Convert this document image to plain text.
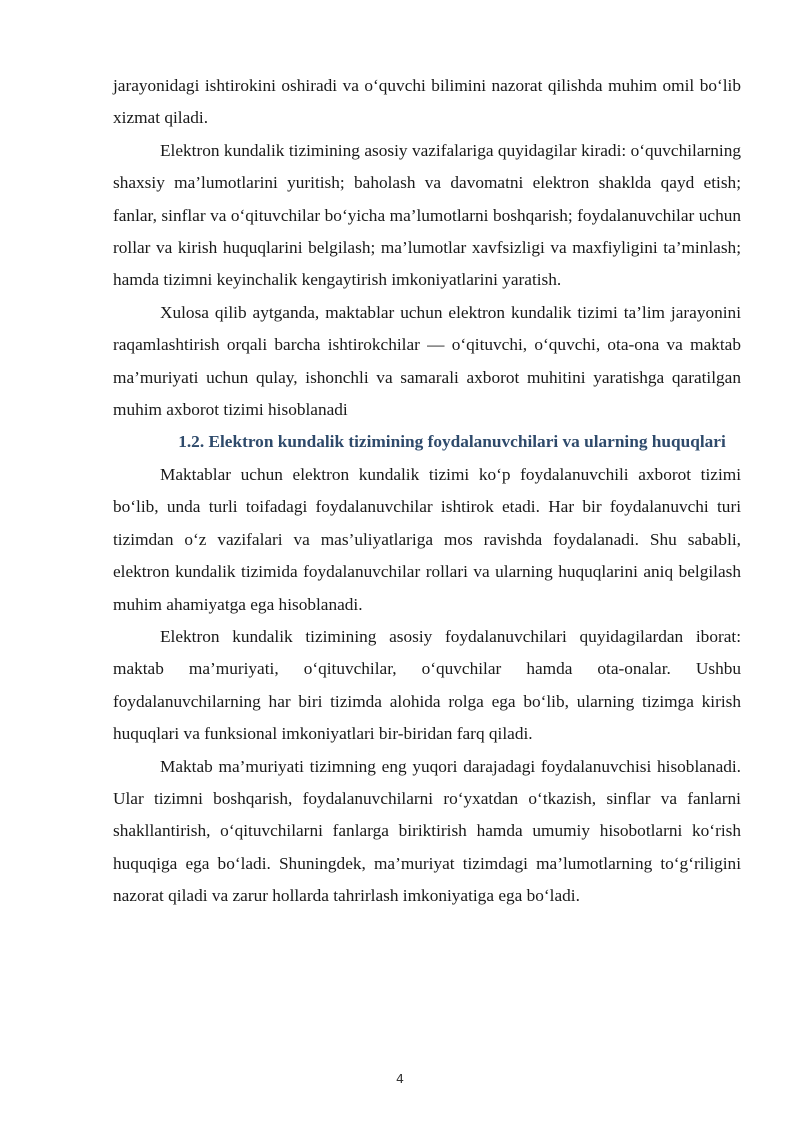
jarayonidagi ishtirokini oshiradi va o‘quvchi bilimini nazorat qilishda muhim omil bo‘lib xizmat qiladi.

Elektron kundalik tizimining asosiy vazifalariga quyidagilar kiradi: o‘quvchilarning shaxsiy ma’lumotlarini yuritish; baholash va davomatni elektron shaklda qayd etish; fanlar, sinflar va o‘qituvchilar bo‘yicha ma’lumotlarni boshqarish; foydalanuvchilar uchun rollar va kirish huquqlarini belgilash; ma’lumotlar xavfsizligi va maxfiyligini ta’minlash; hamda tizimni keyinchalik kengaytirish imkoniyatlarini yaratish.

Xulosa qilib aytganda, maktablar uchun elektron kundalik tizimi ta’lim jarayonini raqamlashtirish orqali barcha ishtirokchilar — o‘qituvchi, o‘quvchi, ota-ona va maktab ma’muriyati uchun qulay, ishonchli va samarali axborot muhitini yaratishga qaratilgan muhim axborot tizimi hisoblanadi

1.2. Elektron kundalik tizimining foydalanuvchilari va ularning huquqlari

Maktablar uchun elektron kundalik tizimi ko‘p foydalanuvchili axborot tizimi bo‘lib, unda turli toifadagi foydalanuvchilar ishtirok etadi. Har bir foydalanuvchi turi tizimdan o‘z vazifalari va mas’uliyatlariga mos ravishda foydalanadi. Shu sababli, elektron kundalik tizimida foydalanuvchilar rollari va ularning huquqlarini aniq belgilash muhim ahamiyatga ega hisoblanadi.

Elektron kundalik tizimining asosiy foydalanuvchilari quyidagilardan iborat: maktab ma’muriyati, o‘qituvchilar, o‘quvchilar hamda ota-onalar. Ushbu foydalanuvchilarning har biri tizimda alohida rolga ega bo‘lib, ularning tizimga kirish huquqlari va funksional imkoniyatlari bir-biridan farq qiladi.

Maktab ma’muriyati tizimning eng yuqori darajadagi foydalanuvchisi hisoblanadi. Ular tizimni boshqarish, foydalanuvchilarni ro‘yxatdan o‘tkazish, sinflar va fanlarni shakllantirish, o‘qituvchilarni fanlarga biriktirish hamda umumiy hisobotlarni ko‘rish huquqiga ega bo‘ladi. Shuningdek, ma’muriyat tizimdagi ma’lumotlarning to‘g‘riligini nazorat qiladi va zarur hollarda tahrirlash imkoniyatiga ega bo‘ladi.

4
